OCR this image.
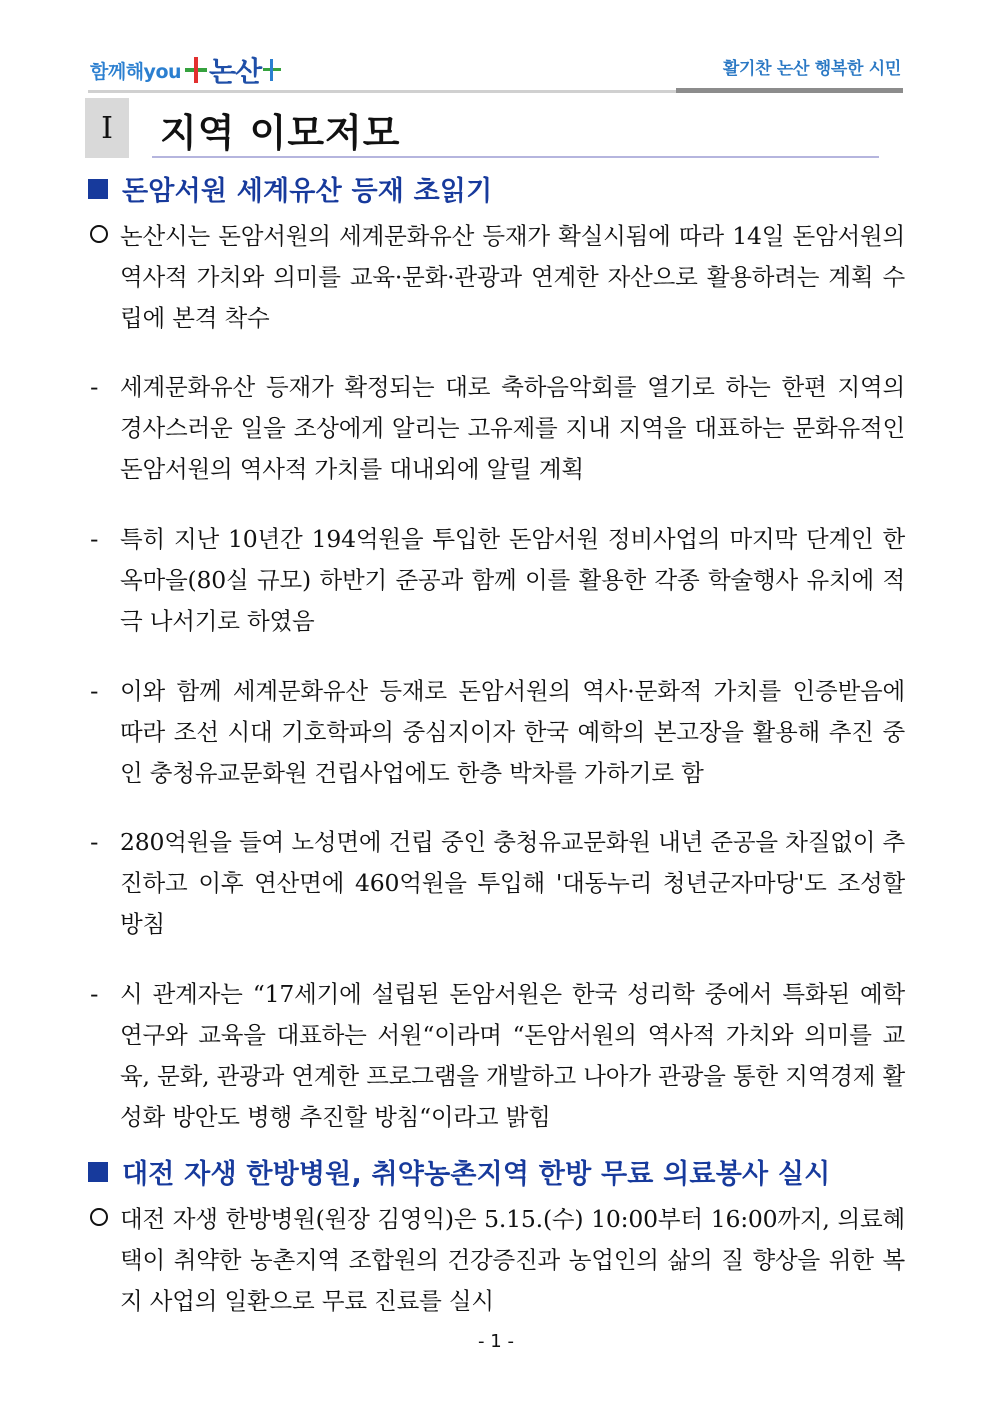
함께해you 논산	활기찬 논산 행복한 시민
I 지역 이모저모
돈암서원 세계유산 등재 초읽기
논산시는 돈암서원의 세계문화유산 등재가 확실시됨에 따라 14일 돈암서원의 역사적 가치와 의미를 교육·문화·관광과 연계한 자산으로 활용하려는 계획 수립에 본격 착수
- 세계문화유산 등재가 확정되는 대로 축하음악회를 열기로 하는 한편 지역의 경사스러운 일을 조상에게 알리는 고유제를 지내 지역을 대표하는 문화유적인 돈암서원의 역사적 가치를 대내외에 알릴 계획
- 특히 지난 10년간 194억원을 투입한 돈암서원 정비사업의 마지막 단계인 한옥마을(80실 규모) 하반기 준공과 함께 이를 활용한 각종 학술행사 유치에 적극 나서기로 하였음
- 이와 함께 세계문화유산 등재로 돈암서원의 역사·문화적 가치를 인증받음에 따라 조선 시대 기호학파의 중심지이자 한국 예학의 본고장을 활용해 추진 중인 충청유교문화원 건립사업에도 한층 박차를 가하기로 함
- 280억원을 들여 노성면에 건립 중인 충청유교문화원 내년 준공을 차질없이 추진하고 이후 연산면에 460억원을 투입해 '대동누리 청년군자마당'도 조성할 방침
- 시 관계자는 “17세기에 설립된 돈암서원은 한국 성리학 중에서 특화된 예학 연구와 교육을 대표하는 서원“이라며 “돈암서원의 역사적 가치와 의미를 교육, 문화, 관광과 연계한 프로그램을 개발하고 나아가 관광을 통한 지역경제 활성화 방안도 병행 추진할 방침“이라고 밝힘
대전 자생 한방병원, 취약농촌지역 한방 무료 의료봉사 실시
대전 자생 한방병원(원장 김영익)은 5.15.(수) 10:00부터 16:00까지, 의료혜택이 취약한 농촌지역 조합원의 건강증진과 농업인의 삶의 질 향상을 위한 복지 사업의 일환으로 무료 진료를 실시
- 1 -
